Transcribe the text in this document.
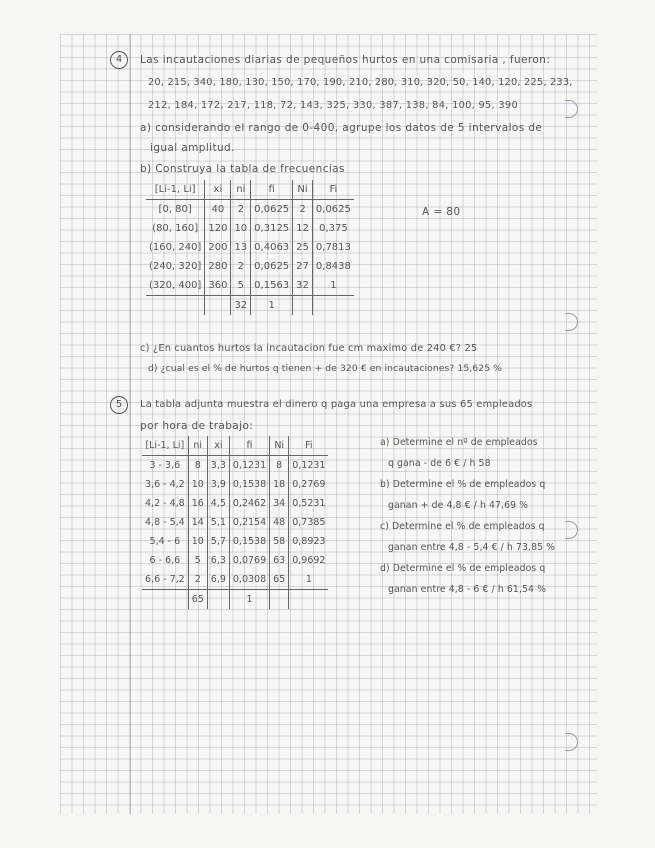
4	Las incautaciones diarias de pequeños hurtos en una comisaria , fueron:
20, 215, 340, 180, 130, 150, 170, 190, 210, 280, 310, 320, 50, 140, 120, 225, 233,
212, 184, 172, 217, 118, 72, 143, 325, 330, 387, 138, 84, 100, 95, 390
a) considerando el rango de 0-400, agrupe los datos de 5 intervalos de
igual amplitud.
b) Construya la tabla de frecuencias
[Li-1, Li]	xi	ni	fi	Ni	Fi
[0, 80]	40	2	0,0625	2	0,0625
(80, 160]	120	10	0,3125	12	0,375
(160, 240]	200	13	0,4063	25	0,7813
(240, 320]	280	2	0,0625	27	0,8438
(320, 400]	360	5	0,1563	32	1
		32	1		
A = 80
c) ¿En cuantos hurtos la incautacion fue cm maximo de 240 €? 25
d) ¿cual es el % de hurtos q tienen + de 320 € en incautaciones? 15,625 %
5	La tabla adjunta muestra el dinero q paga una empresa a sus 65 empleados
por hora de trabajo:
[Li-1, Li]	ni	xi	fi	Ni	Fi
3 - 3,6	8	3,3	0,1231	8	0,1231
3,6 - 4,2	10	3,9	0,1538	18	0,2769
4,2 - 4,8	16	4,5	0,2462	34	0,5231
4,8 - 5,4	14	5,1	0,2154	48	0,7385
5,4 - 6	10	5,7	0,1538	58	0,8923
6 - 6,6	5	6,3	0,0769	63	0,9692
6,6 - 7,2	2	6,9	0,0308	65	1
	65		1		
a) Determine el nº de empleados
q gana - de 6 € / h 58
b) Determine el % de empleados q
ganan + de 4,8 € / h 47,69 %
c) Determine el % de empleados q
ganan entre 4,8 - 5,4 € / h 73,85 %
d) Determine el % de empleados q
ganan entre 4,8 - 6 € / h 61,54 %
